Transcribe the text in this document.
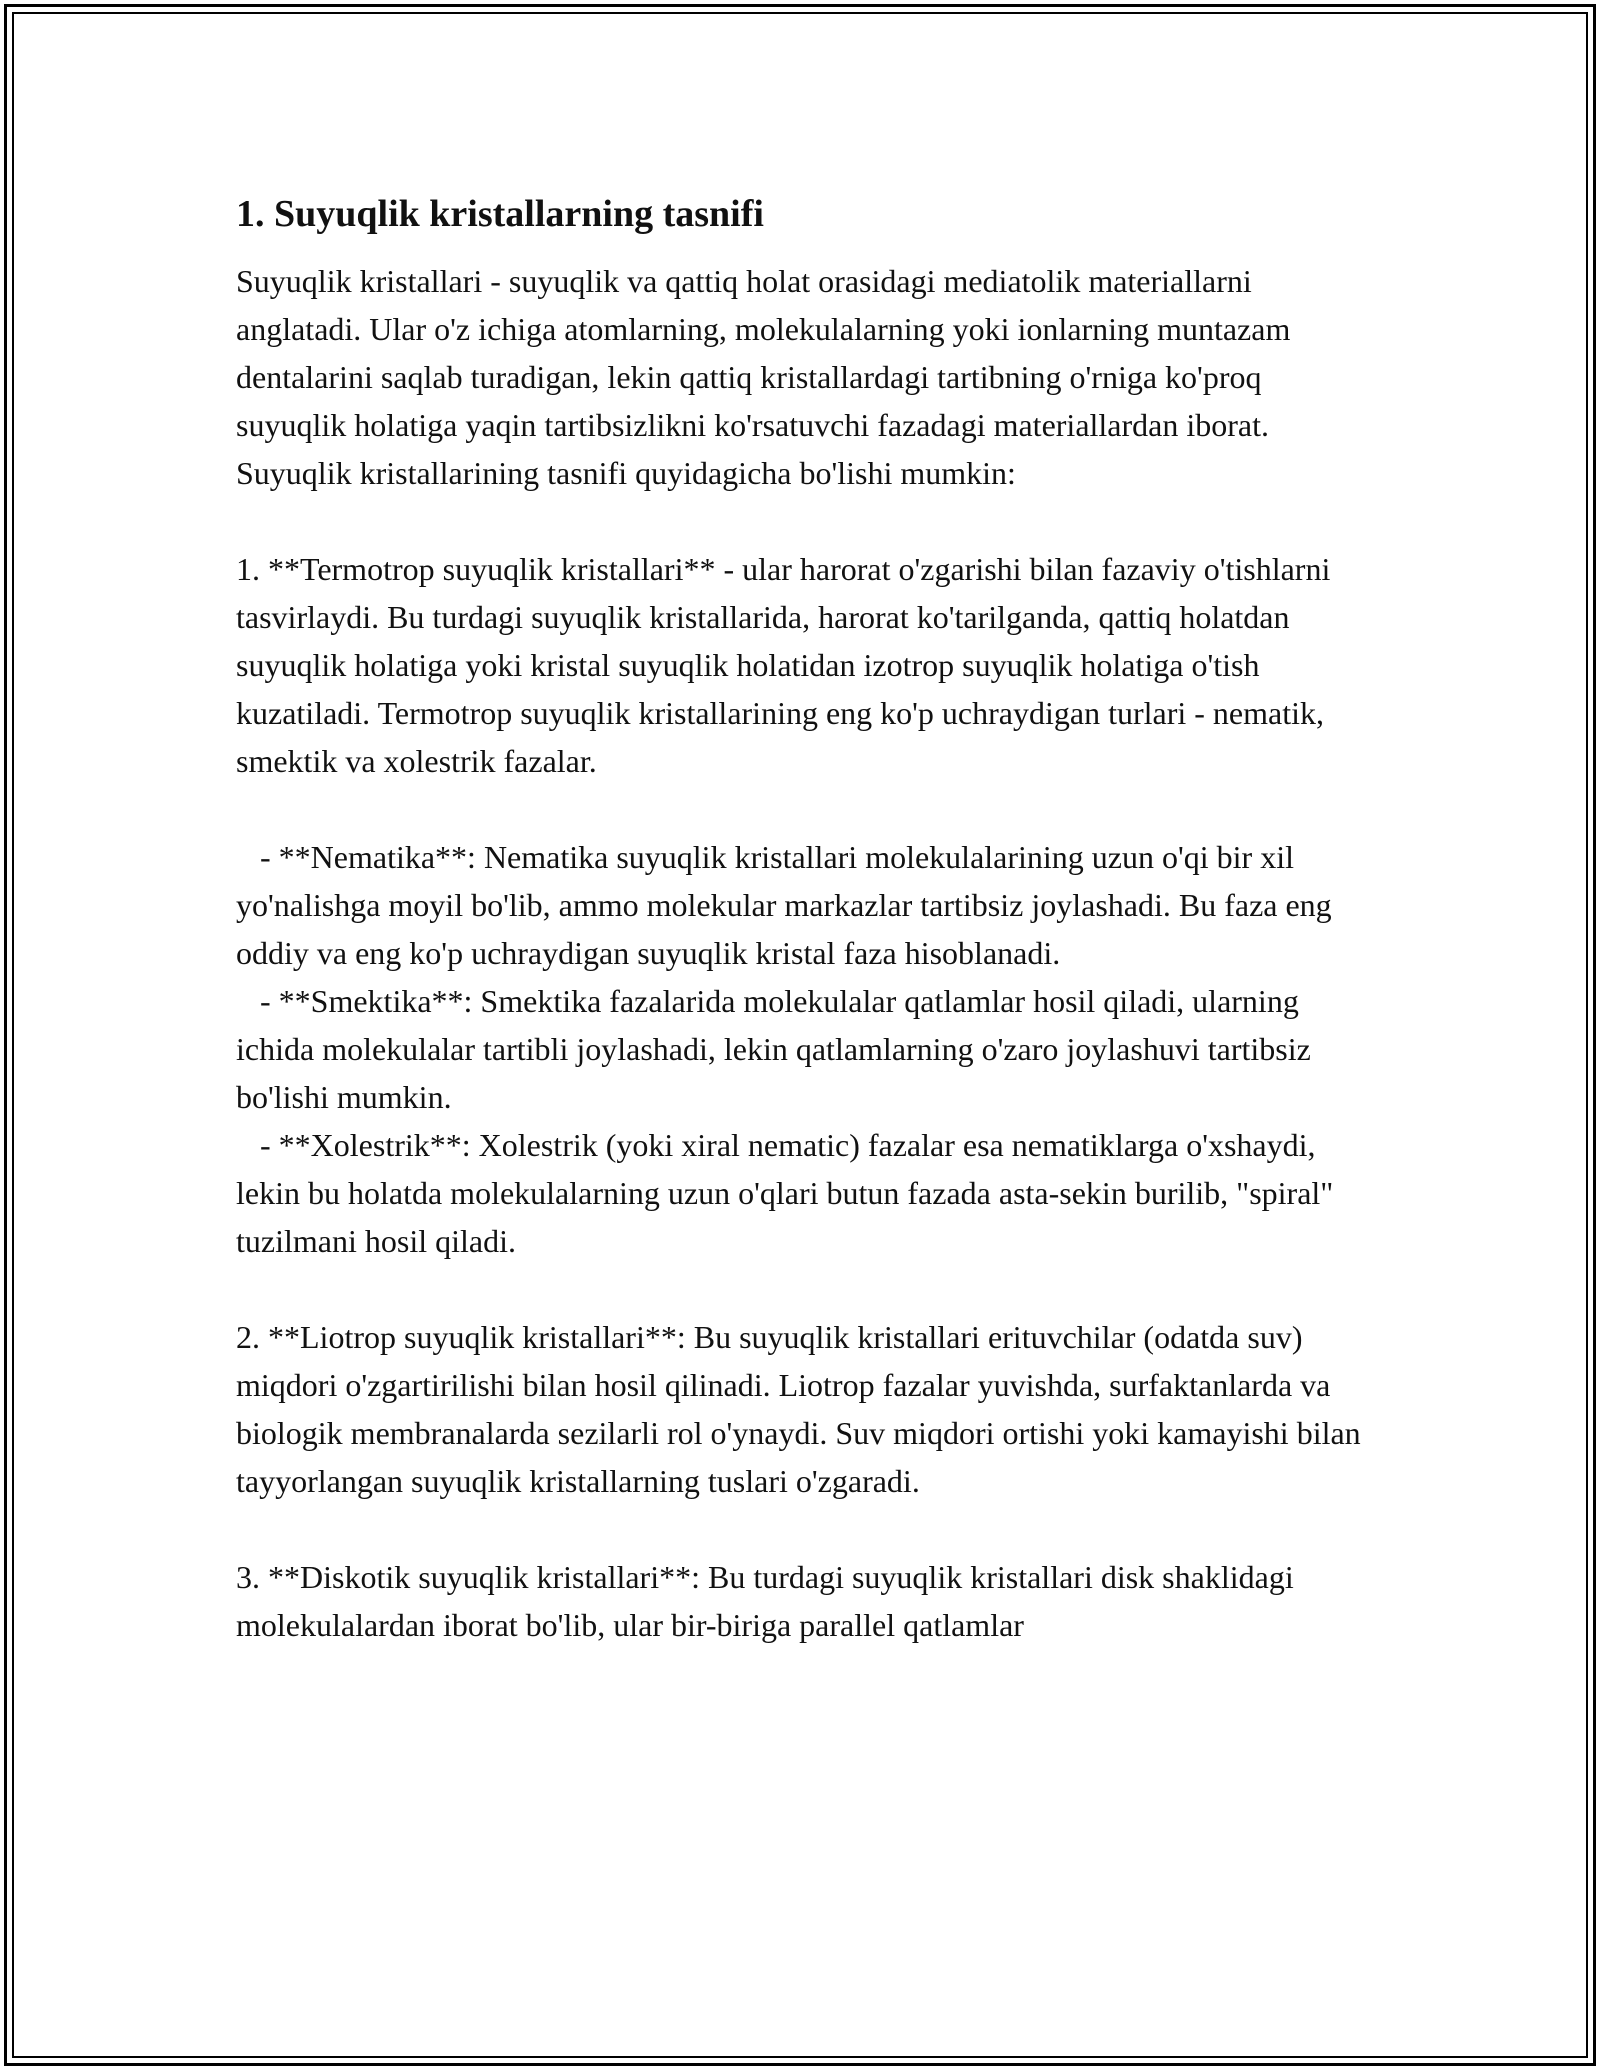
1. Suyuqlik kristallarning tasnifi

Suyuqlik kristallari - suyuqlik va qattiq holat orasidagi mediatolik materiallarni anglatadi. Ular o'z ichiga atomlarning, molekulalarning yoki ionlarning muntazam dentalarini saqlab turadigan, lekin qattiq kristallardagi tartibning o'rniga ko'proq suyuqlik holatiga yaqin tartibsizlikni ko'rsatuvchi fazadagi materiallardan iborat. Suyuqlik kristallarining tasnifi quyidagicha bo'lishi mumkin:

1. **Termotrop suyuqlik kristallari** - ular harorat o'zgarishi bilan fazaviy o'tishlarni tasvirlaydi. Bu turdagi suyuqlik kristallarida, harorat ko'tarilganda, qattiq holatdan suyuqlik holatiga yoki kristal suyuqlik holatidan izotrop suyuqlik holatiga o'tish kuzatiladi. Termotrop suyuqlik kristallarining eng ko'p uchraydigan turlari - nematik, smektik va xolestrik fazalar.

- **Nematika**: Nematika suyuqlik kristallari molekulalarining uzun o'qi bir xil yo'nalishga moyil bo'lib, ammo molekular markazlar tartibsiz joylashadi. Bu faza eng oddiy va eng ko'p uchraydigan suyuqlik kristal faza hisoblanadi.
- **Smektika**: Smektika fazalarida molekulalar qatlamlar hosil qiladi, ularning ichida molekulalar tartibli joylashadi, lekin qatlamlarning o'zaro joylashuvi tartibsiz bo'lishi mumkin.
- **Xolestrik**: Xolestrik (yoki xiral nematic) fazalar esa nematiklarga o'xshaydi, lekin bu holatda molekulalarning uzun o'qlari butun fazada asta-sekin burilib, "spiral" tuzilmani hosil qiladi.

2. **Liotrop suyuqlik kristallari**: Bu suyuqlik kristallari erituvchilar (odatda suv) miqdori o'zgartirilishi bilan hosil qilinadi. Liotrop fazalar yuvishda, surfaktanlarda va biologik membranalarda sezilarli rol o'ynaydi. Suv miqdori ortishi yoki kamayishi bilan tayyorlangan suyuqlik kristallarning tuslari o'zgaradi.

3. **Diskotik suyuqlik kristallari**: Bu turdagi suyuqlik kristallari disk shaklidagi molekulalardan iborat bo'lib, ular bir-biriga parallel qatlamlar
